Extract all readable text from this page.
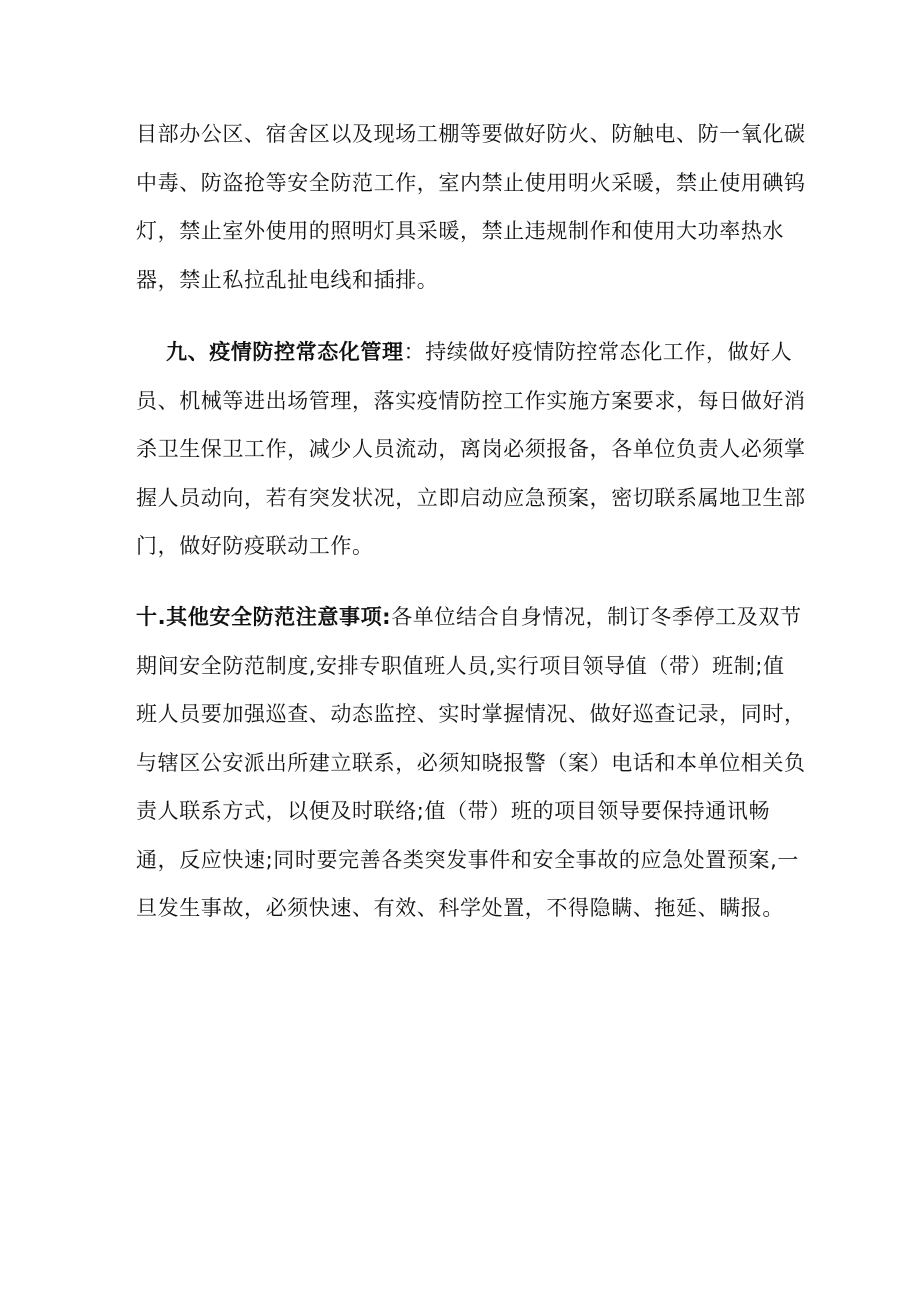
目部办公区、宿舍区以及现场工棚等要做好防火、防触电、防一氧化碳中毒、防盗抢等安全防范工作，室内禁止使用明火采暖，禁止使用碘钨灯，禁止室外使用的照明灯具采暖，禁止违规制作和使用大功率热水器，禁止私拉乱扯电线和插排。

九、疫情防控常态化管理：持续做好疫情防控常态化工作，做好人员、机械等进出场管理，落实疫情防控工作实施方案要求，每日做好消杀卫生保卫工作，减少人员流动，离岗必须报备，各单位负责人必须掌握人员动向，若有突发状况，立即启动应急预案，密切联系属地卫生部门，做好防疫联动工作。

十.其他安全防范注意事项:各单位结合自身情况，制订冬季停工及双节期间安全防范制度,安排专职值班人员,实行项目领导值（带）班制;值班人员要加强巡查、动态监控、实时掌握情况、做好巡查记录，同时，与辖区公安派出所建立联系，必须知晓报警（案）电话和本单位相关负责人联系方式，以便及时联络;值（带）班的项目领导要保持通讯畅通，反应快速;同时要完善各类突发事件和安全事故的应急处置预案,一旦发生事故，必须快速、有效、科学处置，不得隐瞒、拖延、瞒报。
